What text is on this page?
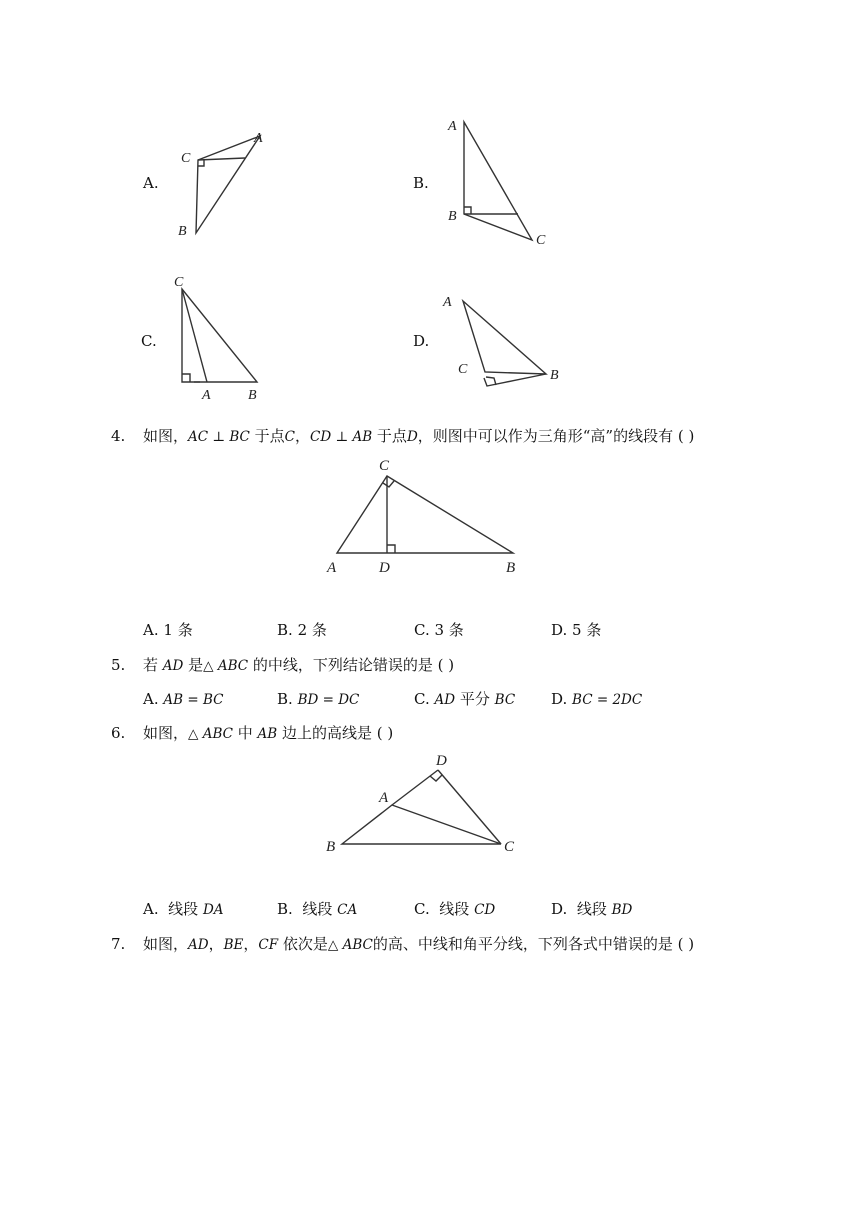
A.
C
A
B
B.
A
B
C
C.
C
A	B
D.
A
C	B
4. 如图，AC ⊥ BC 于点C，CD ⊥ AB 于点D，则图中可以作为三角形“高”的线段有 ( )
C
A	D	B
A. 1 条	B. 2 条	C. 3 条	D. 5 条
5. 若 AD 是△ ABC 的中线，下列结论错误的是 ( )
A. AB = BC	B. BD = DC	C. AD 平分 BC D. BC = 2DC
6. 如图，△ ABC 中 AB 边上的高线是 ( )
D
A
B	C
A. 线段 DA	B. 线段 CA	C. 线段 CD	D. 线段 BD
7. 如图，AD，BE，CF 依次是△ ABC的高、中线和角平分线，下列各式中错误的是 ( )
